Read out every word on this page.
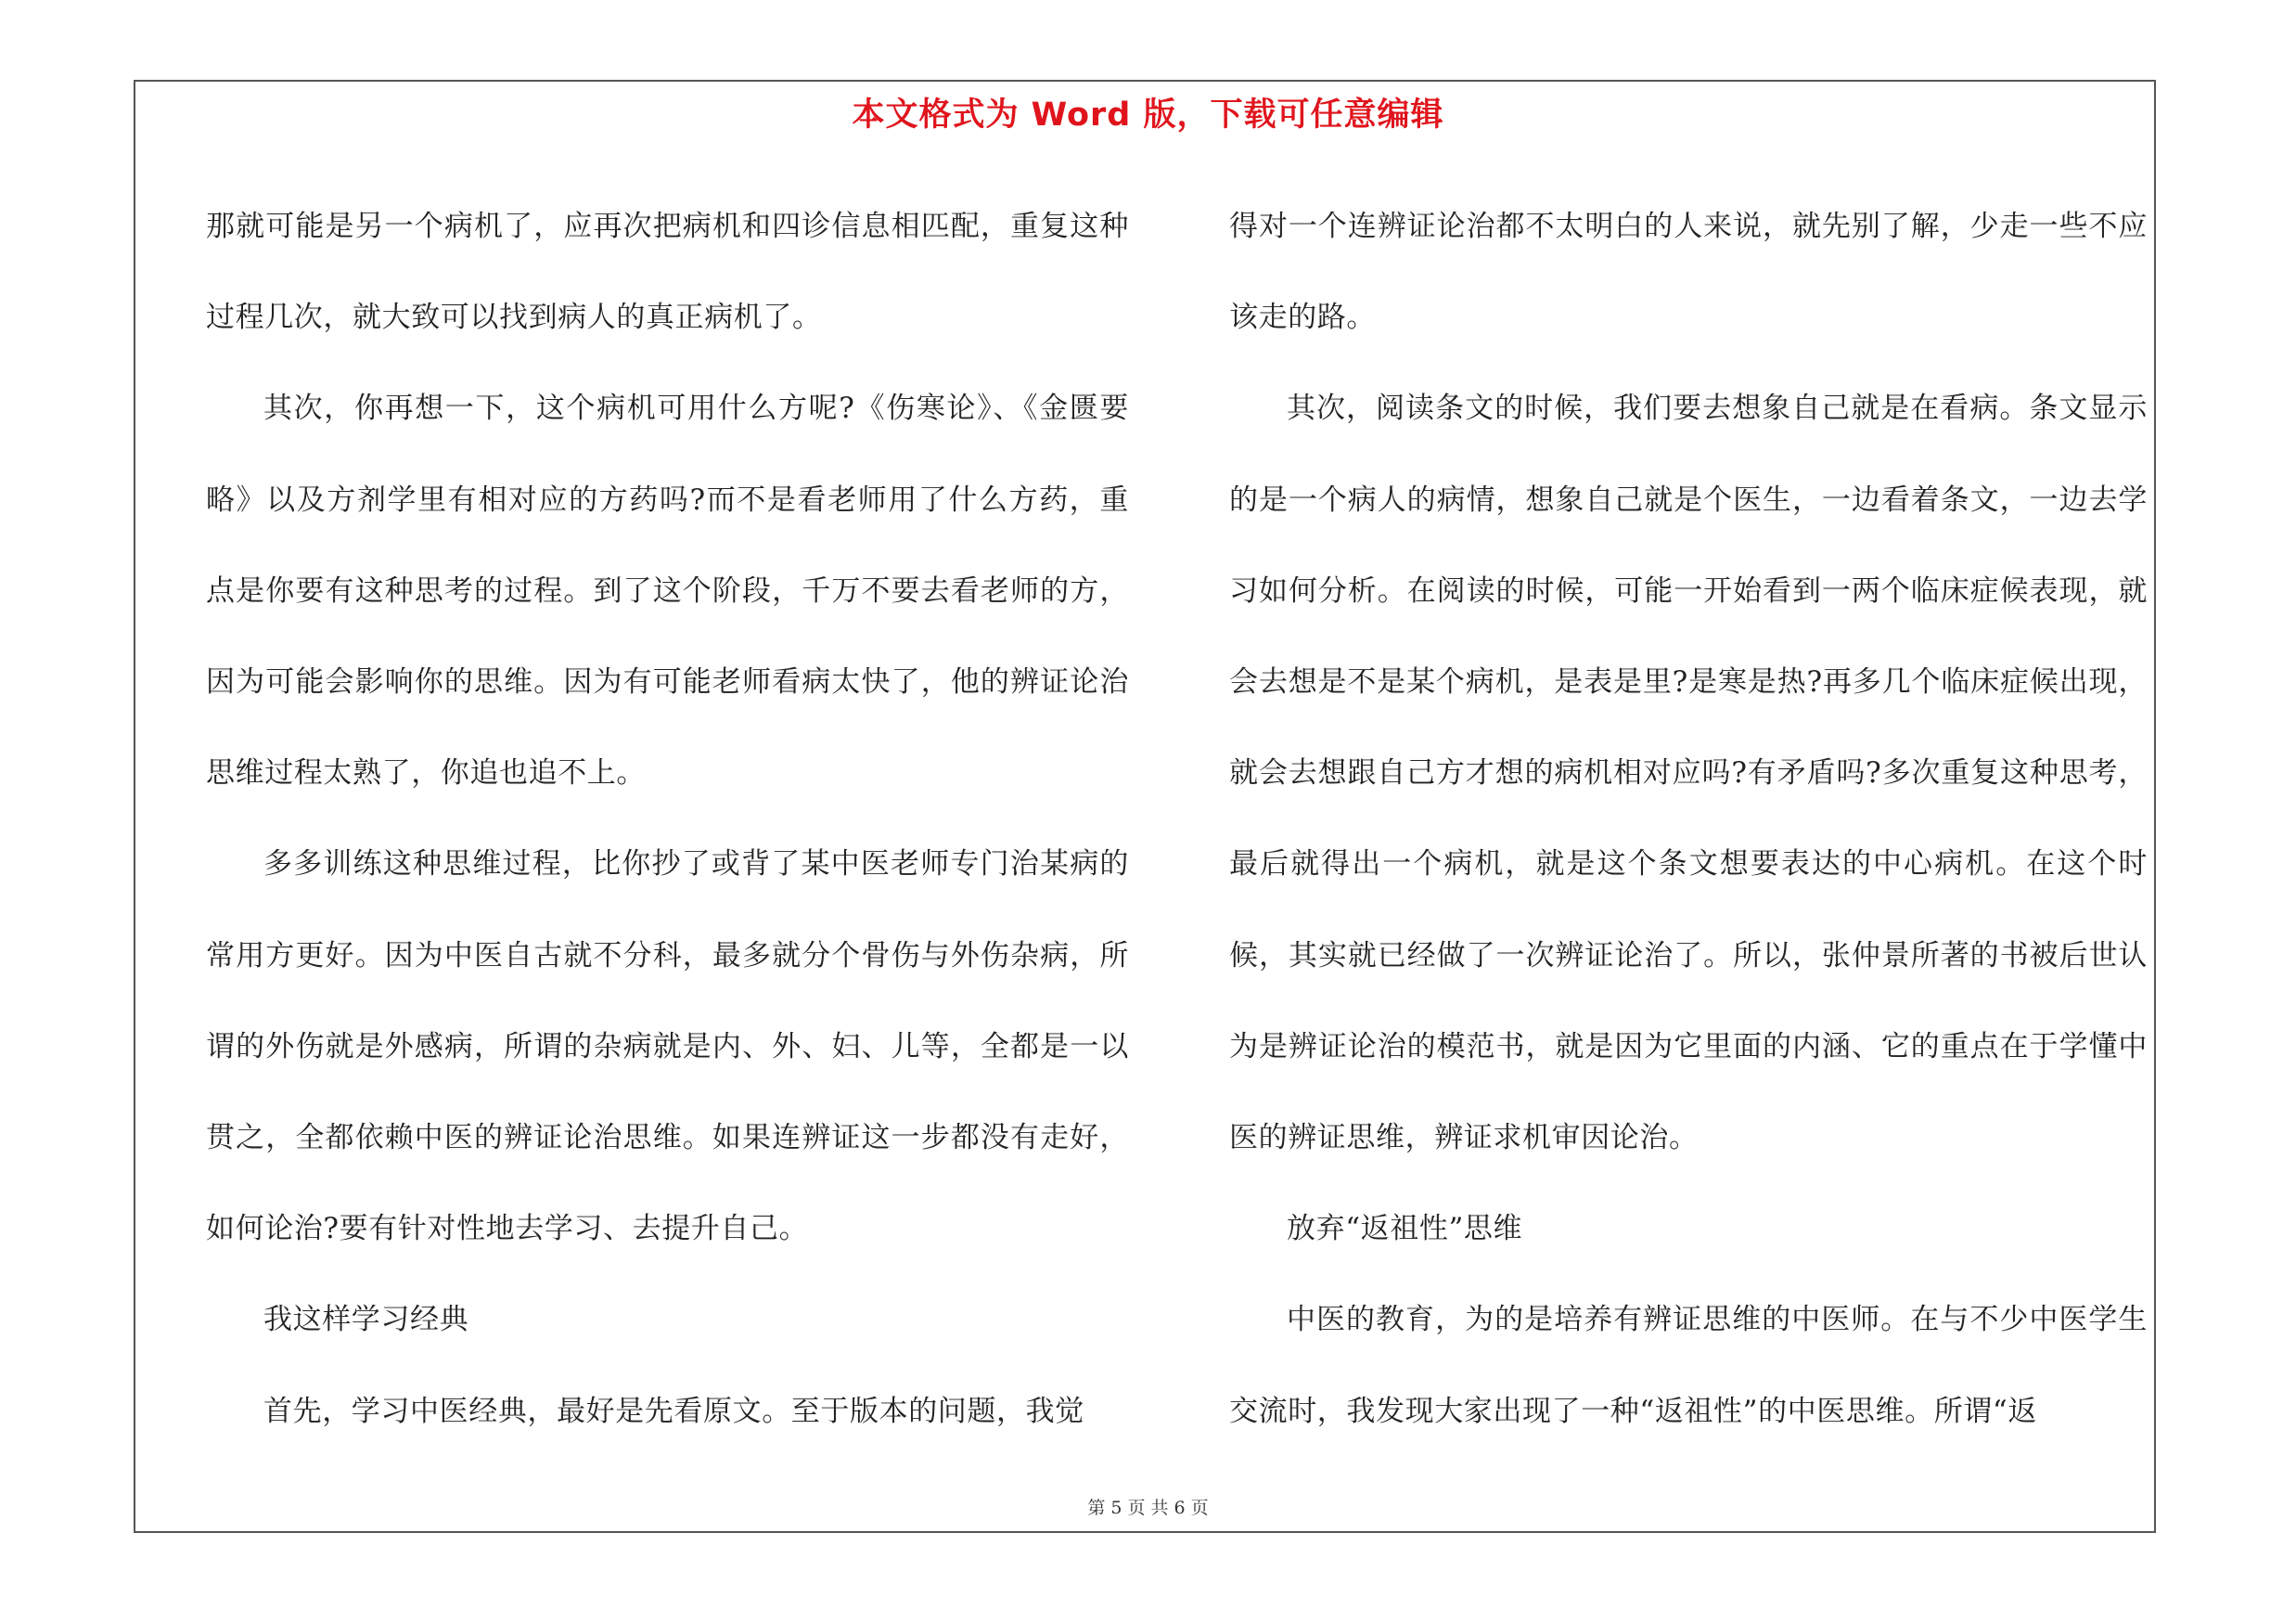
本文格式为 Word 版，下载可任意编辑

那就可能是另一个病机了，应再次把病机和四诊信息相匹配，重复这种过程几次，就大致可以找到病人的真正病机了。

其次，你再想一下，这个病机可用什么方呢?《伤寒论》、《金匮要略》以及方剂学里有相对应的方药吗?而不是看老师用了什么方药，重点是你要有这种思考的过程。到了这个阶段，千万不要去看老师的方，因为可能会影响你的思维。因为有可能老师看病太快了，他的辨证论治思维过程太熟了，你追也追不上。

多多训练这种思维过程，比你抄了或背了某中医老师专门治某病的常用方更好。因为中医自古就不分科，最多就分个骨伤与外伤杂病，所谓的外伤就是外感病，所谓的杂病就是内、外、妇、儿等，全都是一以贯之，全都依赖中医的辨证论治思维。如果连辨证这一步都没有走好，如何论治?要有针对性地去学习、去提升自己。

我这样学习经典

首先，学习中医经典，最好是先看原文。至于版本的问题，我觉

得对一个连辨证论治都不太明白的人来说，就先别了解，少走一些不应该走的路。

其次，阅读条文的时候，我们要去想象自己就是在看病。条文显示的是一个病人的病情，想象自己就是个医生，一边看着条文，一边去学习如何分析。在阅读的时候，可能一开始看到一两个临床症候表现，就会去想是不是某个病机，是表是里?是寒是热?再多几个临床症候出现，就会去想跟自己方才想的病机相对应吗?有矛盾吗?多次重复这种思考，最后就得出一个病机，就是这个条文想要表达的中心病机。在这个时候，其实就已经做了一次辨证论治了。所以，张仲景所著的书被后世认为是辨证论治的模范书，就是因为它里面的内涵、它的重点在于学懂中医的辨证思维，辨证求机审因论治。

放弃“返祖性”思维

中医的教育，为的是培养有辨证思维的中医师。在与不少中医学生交流时，我发现大家出现了一种“返祖性”的中医思维。所谓“返

第 5 页 共 6 页
